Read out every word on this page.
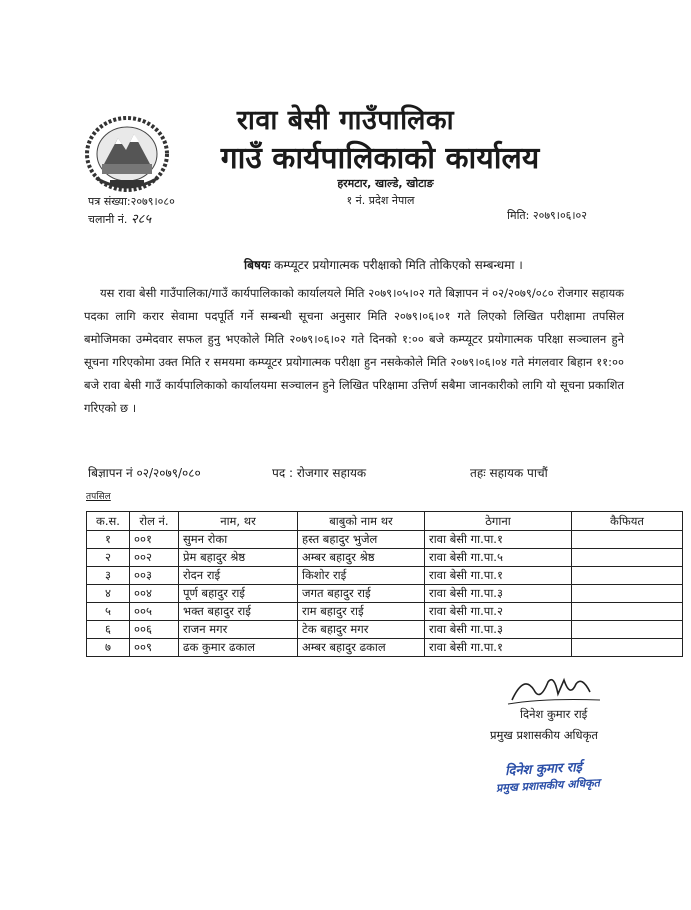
रावा बेसी गाउँपालिका
गाउँ कार्यपालिकाको कार्यालय
हरमटार, खाल्डे, खोटाङ
१ नं. प्रदेश नेपाल
पत्र संख्या:२०७९।०८०
चलानी नं. २८५	मिति: २०७९।०६।०२
बिषयः कम्प्यूटर प्रयोगात्मक परीक्षाको मिति तोकिएको सम्बन्धमा ।

यस रावा बेसी गाउँपालिका/गाउँ कार्यपालिकाको कार्यालयले मिति २०७९।०५।०२ गते बिज्ञापन नं ०२/२०७९/०८० रोजगार सहायक पदका लागि करार सेवामा पदपूर्ति गर्ने सम्बन्धी सूचना अनुसार मिति २०७९।०६।०१ गते लिएको लिखित परीक्षामा तपसिल बमोजिमका उम्मेदवार सफल हुनु भएकोले मिति २०७९।०६।०२ गते दिनको १:०० बजे कम्प्यूटर प्रयोगात्मक परिक्षा सञ्चालन हुने सूचना गरिएकोमा उक्त मिति र समयमा कम्प्यूटर प्रयोगात्मक परीक्षा हुन नसकेकोले मिति २०७९।०६।०४ गते मंगलवार बिहान ११:०० बजे रावा बेसी गाउँ कार्यपालिकाको कार्यालयमा सञ्चालन हुने लिखित परिक्षामा उत्तिर्ण सबैमा जानकारीको लागि यो सूचना प्रकाशित गरिएको छ ।

बिज्ञापन नं ०२/२०७९/०८०	पद : रोजगार सहायक	तहः सहायक पाचौं
तपसिल
क.स.	रोल नं.	नाम, थर	बाबुको नाम थर	ठेगाना	कैफियत
१	००१	सुमन रोका	हस्त बहादुर भुजेल	रावा बेसी गा.पा.१	
२	००२	प्रेम बहादुर श्रेष्ठ	अम्बर बहादुर श्रेष्ठ	रावा बेसी गा.पा.५	
३	००३	रोदन राई	किशोर राई	रावा बेसी गा.पा.१	
४	००४	पूर्ण बहादुर राई	जगत बहादुर राई	रावा बेसी गा.पा.३	
५	००५	भक्त बहादुर राई	राम बहादुर राई	रावा बेसी गा.पा.२	
६	००६	राजन मगर	टेक बहादुर मगर	रावा बेसी गा.पा.३	
७	००९	ढक कुमार ढकाल	अम्बर बहादुर ढकाल	रावा बेसी गा.पा.१	
दिनेश कुमार राई
प्रमुख प्रशासकीय अधिकृत
दिनेश कुमार राई
प्रमुख प्रशासकीय अधिकृत
